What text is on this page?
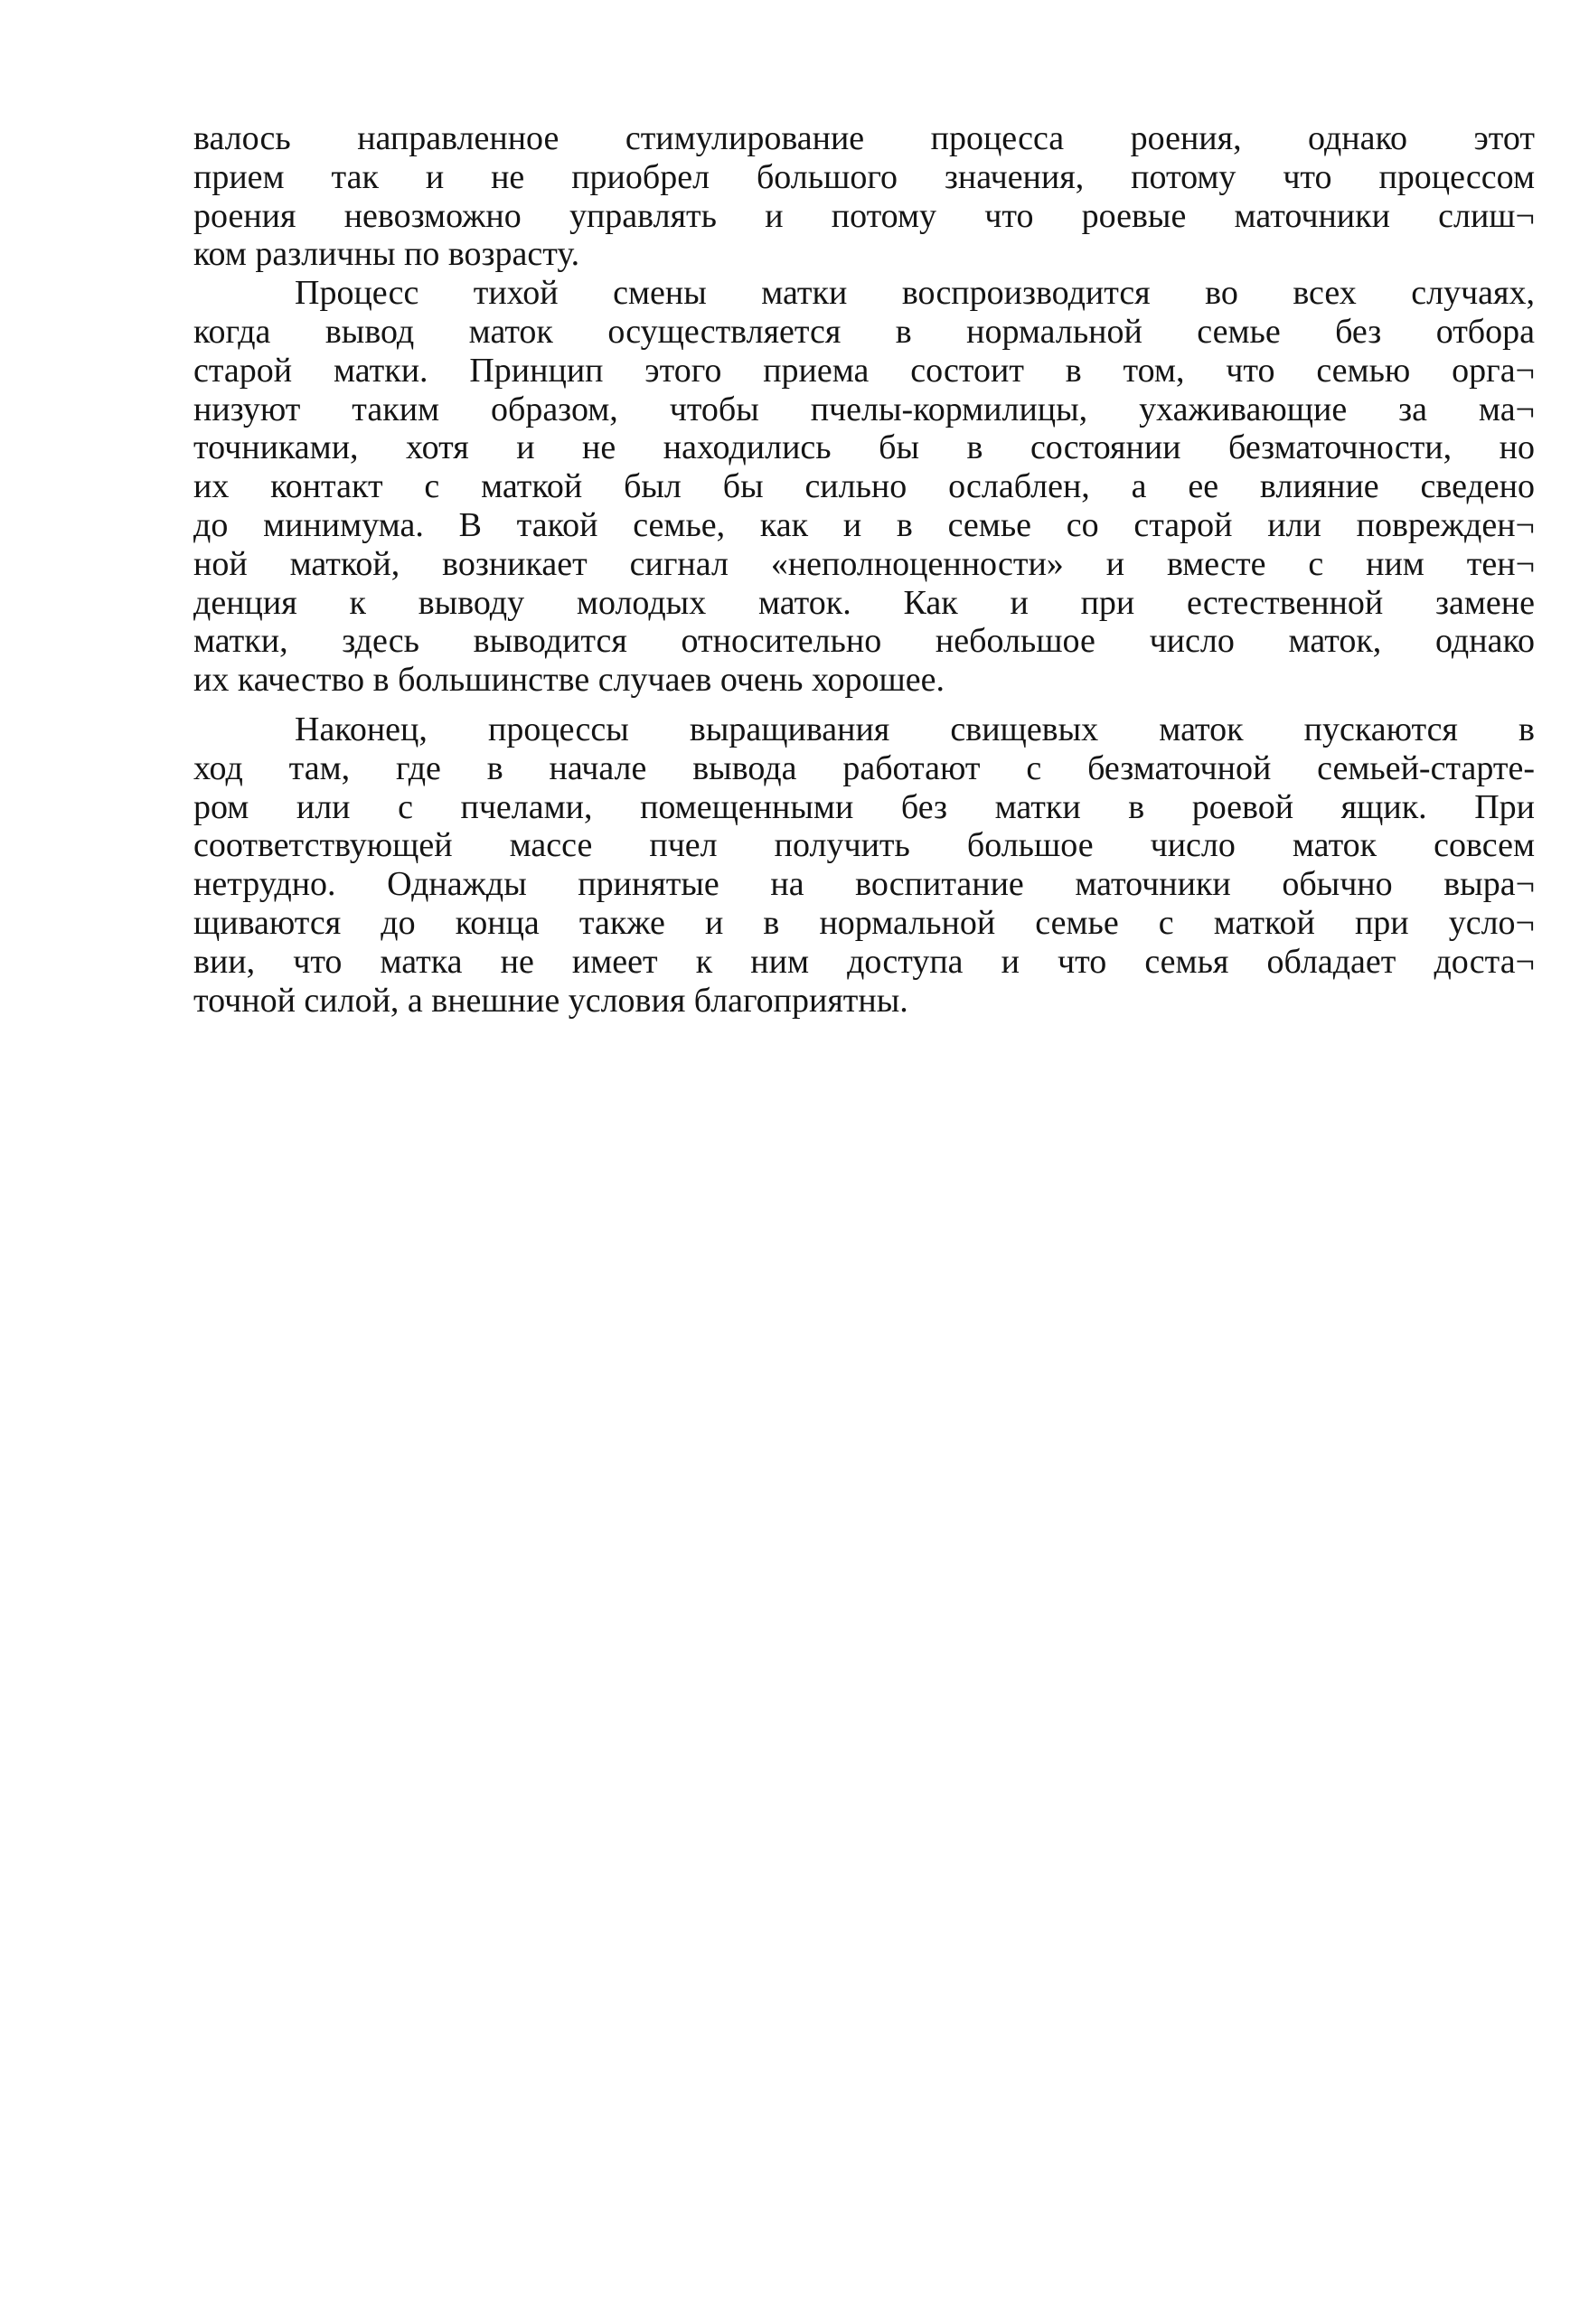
валось направленное стимулирование процесса роения, однако этот
прием так и не приобрел большого значения, потому что процессом
роения невозможно управлять и потому что роевые маточники слиш¬
ком различны по возрасту.
Процесс тихой смены матки воспроизводится во всех случаях,
когда вывод маток осуществляется в нормальной семье без отбора
старой матки. Принцип этого приема состоит в том, что семью орга¬
низуют таким образом, чтобы пчелы-кормилицы, ухаживающие за ма¬
точниками, хотя и не находились бы в состоянии безматочности, но
их контакт с маткой был бы сильно ослаблен, а ее влияние сведено
до минимума. В такой семье, как и в семье со старой или поврежден¬
ной маткой, возникает сигнал «неполноценности» и вместе с ним тен¬
денция к выводу молодых маток. Как и при естественной замене
матки, здесь выводится относительно небольшое число маток, однако
их качество в большинстве случаев очень хорошее.
Наконец, процессы выращивания свищевых маток пускаются в
ход там, где в начале вывода работают с безматочной семьей-старте-
ром или с пчелами, помещенными без матки в роевой ящик. При
соответствующей массе пчел получить большое число маток совсем
нетрудно. Однажды принятые на воспитание маточники обычно выра¬
щиваются до конца также и в нормальной семье с маткой при усло¬
вии, что матка не имеет к ним доступа и что семья обладает доста¬
точной силой, а внешние условия благоприятны.
